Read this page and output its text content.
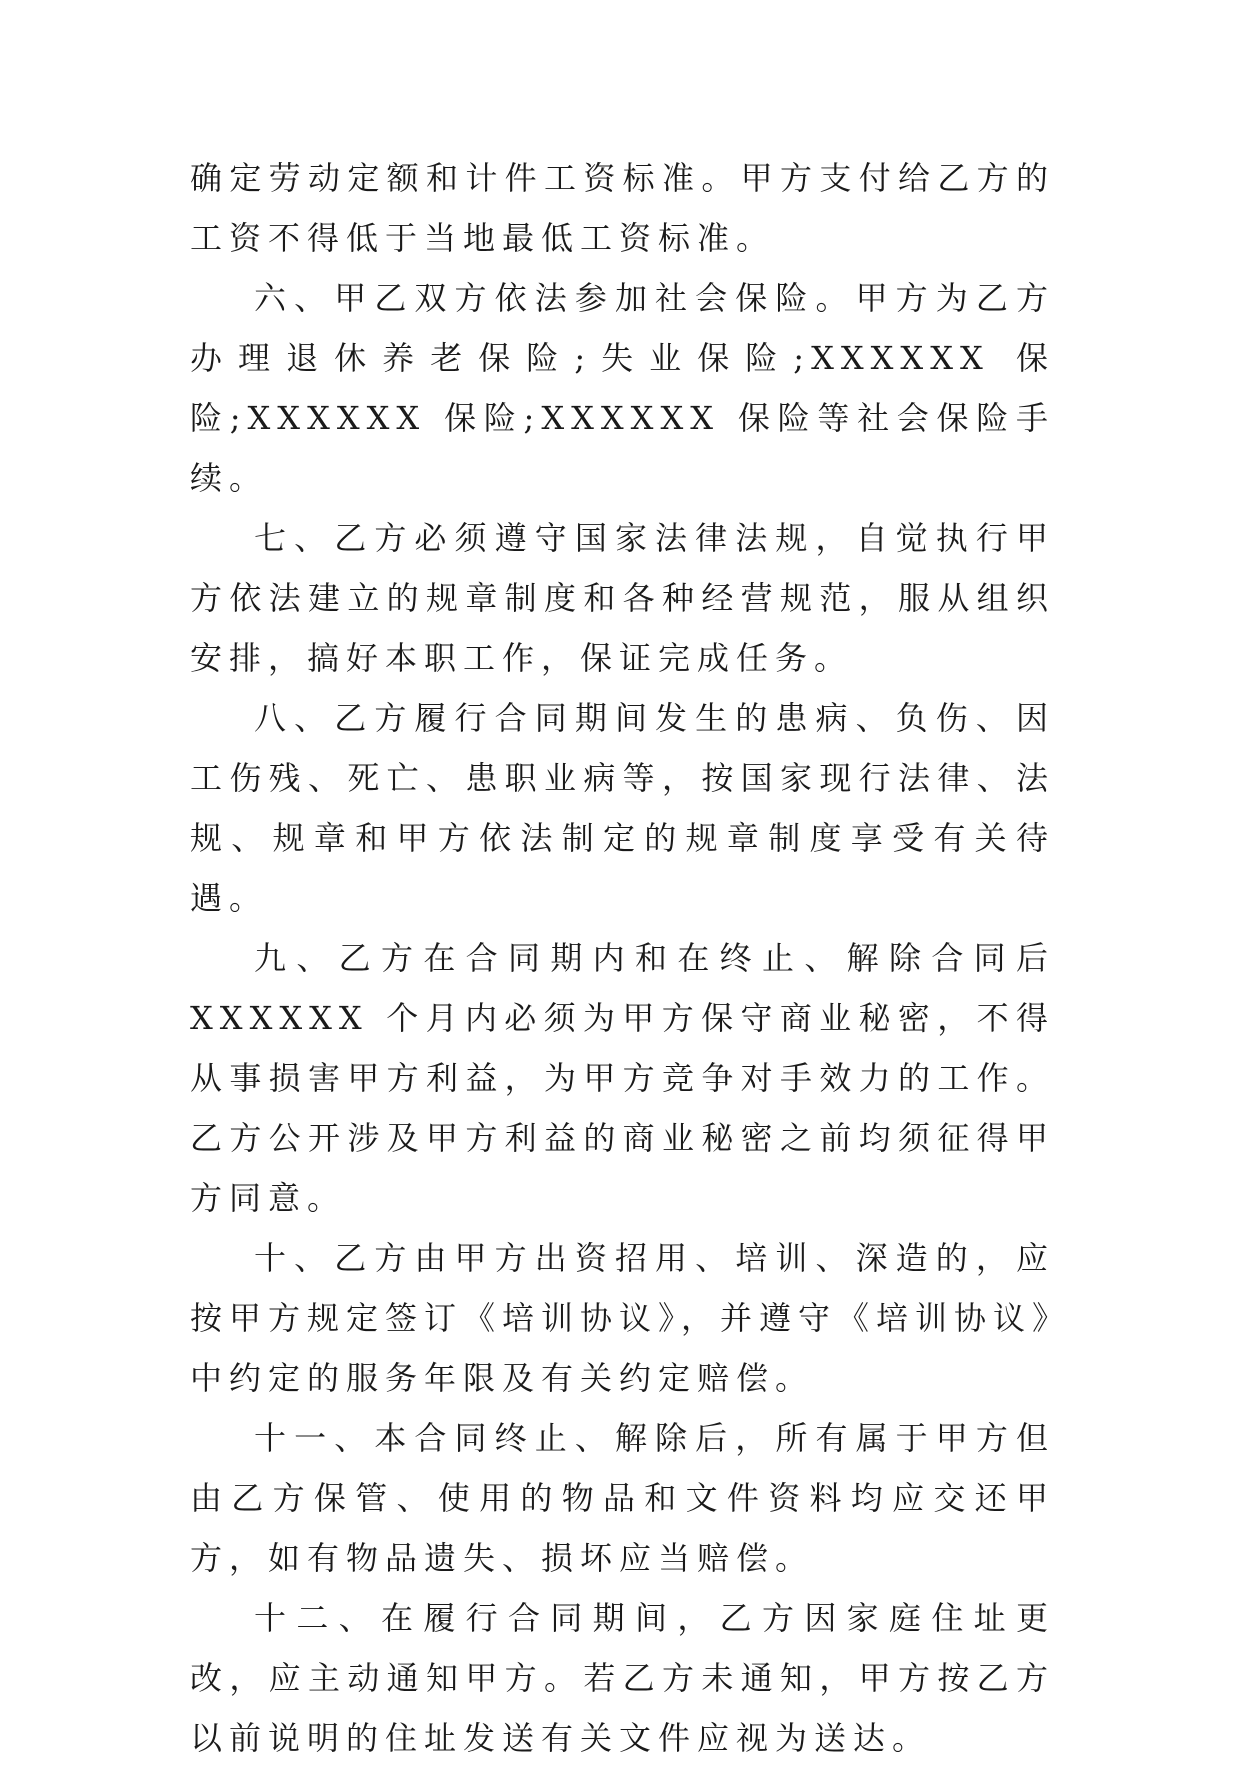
确定劳动定额和计件工资标准。甲方支付给乙方的工资不得低于当地最低工资标准。

六、甲乙双方依法参加社会保险。甲方为乙方办理退休养老保险;失业保险;XXXXXX 保险;XXXXXX 保险;XXXXXX 保险等社会保险手续。

七、乙方必须遵守国家法律法规，自觉执行甲方依法建立的规章制度和各种经营规范，服从组织安排，搞好本职工作，保证完成任务。

八、乙方履行合同期间发生的患病、负伤、因工伤残、死亡、患职业病等，按国家现行法律、法规、规章和甲方依法制定的规章制度享受有关待遇。

九、乙方在合同期内和在终止、解除合同后 XXXXXX 个月内必须为甲方保守商业秘密，不得从事损害甲方利益，为甲方竞争对手效力的工作。乙方公开涉及甲方利益的商业秘密之前均须征得甲方同意。

十、乙方由甲方出资招用、培训、深造的，应按甲方规定签订《培训协议》，并遵守《培训协议》中约定的服务年限及有关约定赔偿。

十一、本合同终止、解除后，所有属于甲方但由乙方保管、使用的物品和文件资料均应交还甲方，如有物品遗失、损坏应当赔偿。

十二、在履行合同期间，乙方因家庭住址更改，应主动通知甲方。若乙方未通知，甲方按乙方以前说明的住址发送有关文件应视为送达。
